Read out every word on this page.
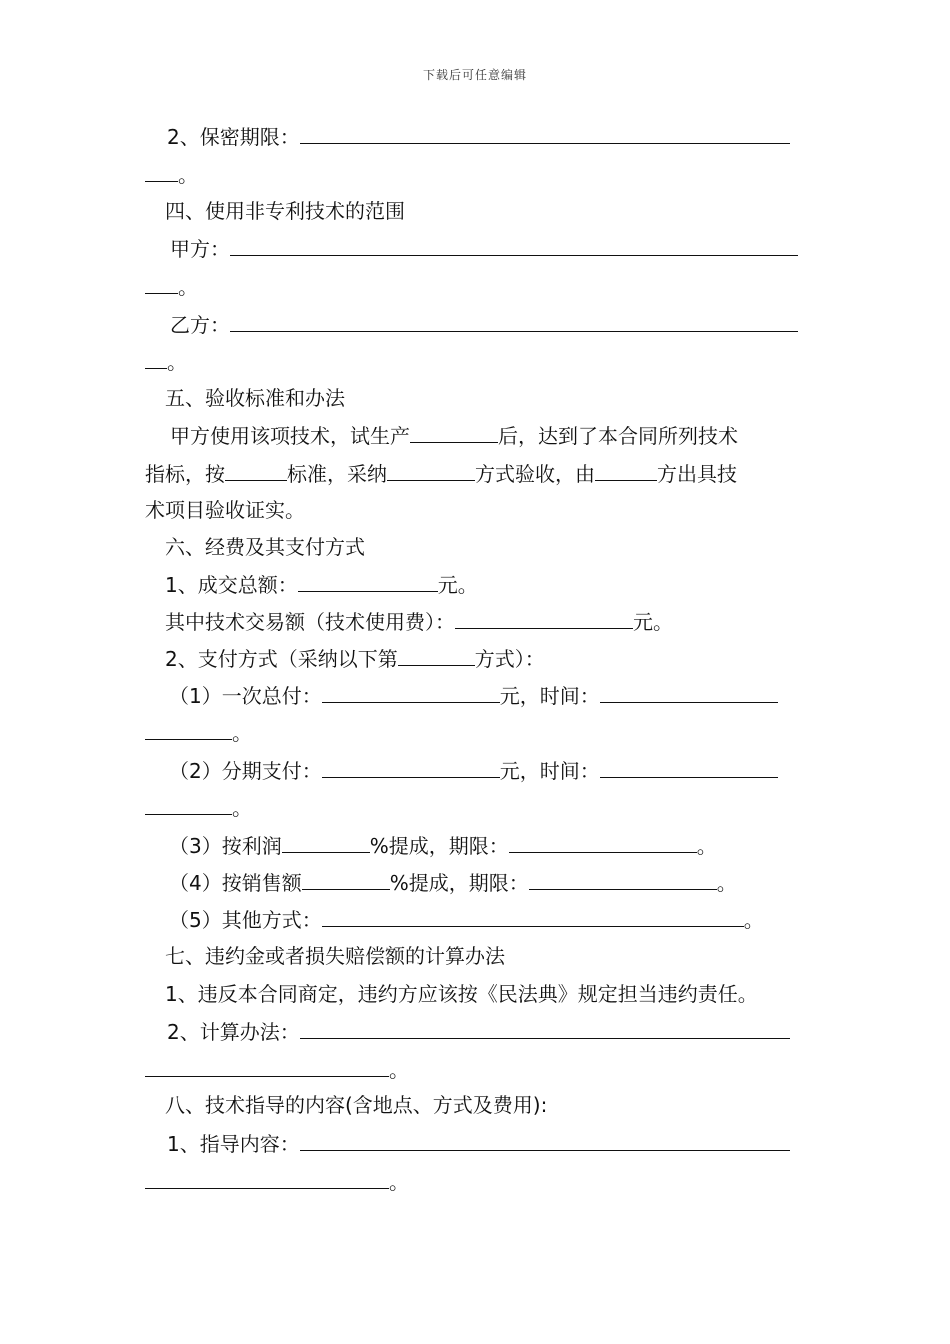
下载后可任意编辑
2、保密期限：
。
四、使用非专利技术的范围
甲方：
。
乙方：
。
五、验收标准和办法
甲方使用该项技术，试生产	后，达到了本合同所列技术
指标，按	标准，采纳	方式验收，由	方出具技
术项目验收证实。
六、经费及其支付方式
1、成交总额：	元。
其中技术交易额（技术使用费）：	元。
2、支付方式（采纳以下第	方式）：
（1）一次总付：	元，时间：
。
（2）分期支付：	元，时间：
。
（3）按利润	%提成，期限：	。
（4）按销售额	%提成，期限：	。
（5）其他方式：	。
七、违约金或者损失赔偿额的计算办法
1、违反本合同商定，违约方应该按《民法典》规定担当违约责任。
2、计算办法：
。
八、技术指导的内容(含地点、方式及费用):
1、指导内容：
。
